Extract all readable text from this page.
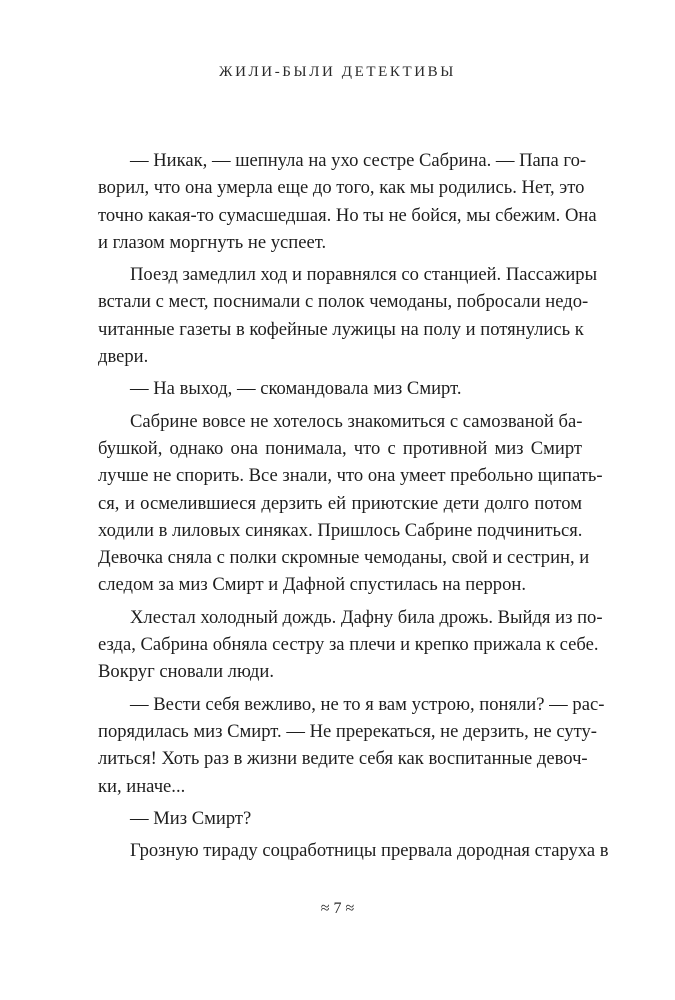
ЖИЛИ-БЫЛИ ДЕТЕКТИВЫ
— Никак, — шепнула на ухо сестре Сабрина. — Папа го-
ворил, что она умерла еще до того, как мы родились. Нет, это
точно какая-то сумасшедшая. Но ты не бойся, мы сбежим. Она
и глазом моргнуть не успеет.
Поезд замедлил ход и поравнялся со станцией. Пассажиры
встали с мест, поснимали с полок чемоданы, побросали недо-
читанные газеты в кофейные лужицы на полу и потянулись к
двери.
— На выход, — скомандовала миз Смирт.
Сабрине вовсе не хотелось знакомиться с самозваной ба-
бушкой, однако она понимала, что с противной миз Смирт
лучше не спорить. Все знали, что она умеет пребольно щипать-
ся, и осмелившиеся дерзить ей приютские дети долго потом
ходили в лиловых синяках. Пришлось Сабрине подчиниться.
Девочка сняла с полки скромные чемоданы, свой и сестрин, и
следом за миз Смирт и Дафной спустилась на перрон.
Хлестал холодный дождь. Дафну била дрожь. Выйдя из по-
езда, Сабрина обняла сестру за плечи и крепко прижала к себе.
Вокруг сновали люди.
— Вести себя вежливо, не то я вам устрою, поняли? — рас-
порядилась миз Смирт. — Не пререкаться, не дерзить, не суту-
литься! Хоть раз в жизни ведите себя как воспитанные девоч-
ки, иначе...
— Миз Смирт?
Грозную тираду соцработницы прервала дородная старуха в
≈ 7 ≈
